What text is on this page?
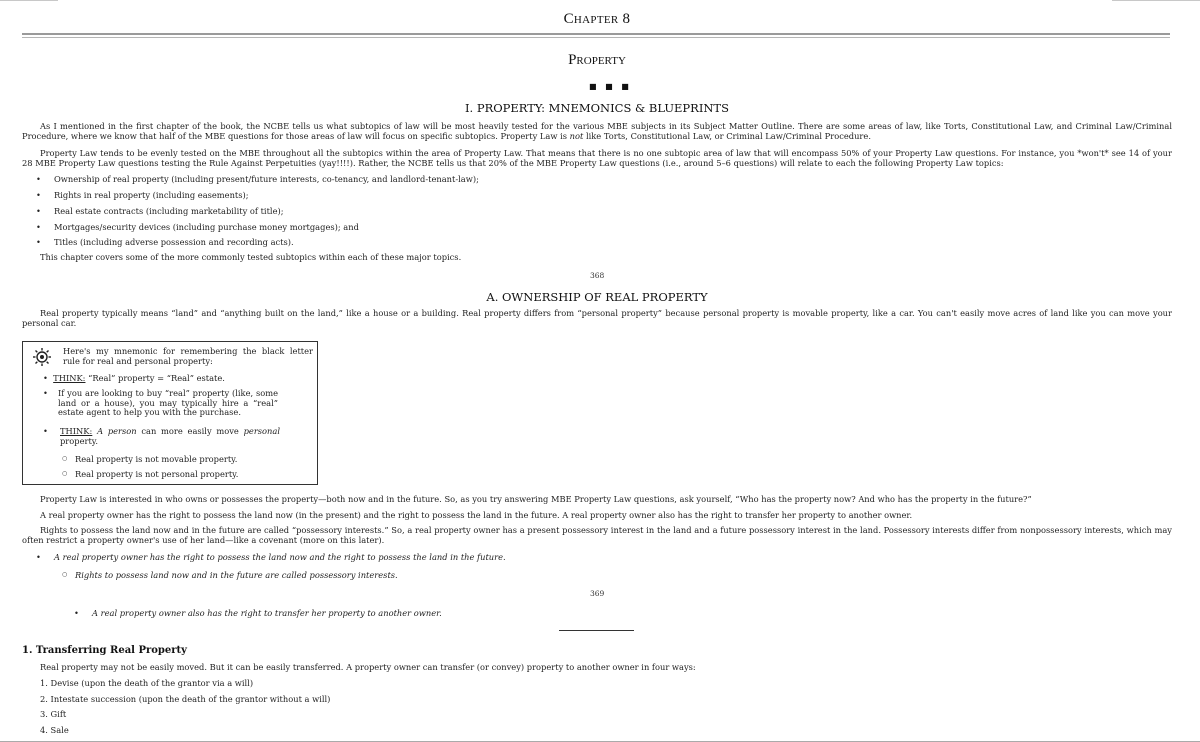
Chapter 8
Property
■ ■ ■
I. PROPERTY: MNEMONICS & BLUEPRINTS
As I mentioned in the first chapter of the book, the NCBE tells us what subtopics of law will be most heavily tested for the various MBE subjects in its Subject Matter Outline. There are some areas of law, like Torts, Constitutional Law, and Criminal Law/Criminal Procedure, where we know that half of the MBE questions for those areas of law will focus on specific subtopics. Property Law is not like Torts, Constitutional Law, or Criminal Law/Criminal Procedure.
Property Law tends to be evenly tested on the MBE throughout all the subtopics within the area of Property Law. That means that there is no one subtopic area of law that will encompass 50% of your Property Law questions. For instance, you *won't* see 14 of your 28 MBE Property Law questions testing the Rule Against Perpetuities (yay!!!!). Rather, the NCBE tells us that 20% of the MBE Property Law questions (i.e., around 5–6 questions) will relate to each the following Property Law topics:
• Ownership of real property (including present/future interests, co-tenancy, and landlord-tenant-law);
• Rights in real property (including easements);
• Real estate contracts (including marketability of title);
• Mortgages/security devices (including purchase money mortgages); and
• Titles (including adverse possession and recording acts).
This chapter covers some of the more commonly tested subtopics within each of these major topics.
368
A. OWNERSHIP OF REAL PROPERTY
Real property typically means “land” and “anything built on the land,” like a house or a building. Real property differs from “personal property” because personal property is movable property, like a car. You can't easily move acres of land like you can move your personal car.
Here's my mnemonic for remembering the black letter rule for real and personal property:
•  THINK: “Real” property = “Real” estate.
• If you are looking to buy “real” property (like, some land or a house), you may typically hire a “real” estate agent to help you with the purchase.
• THINK: A person can more easily move personal property.
○ Real property is not movable property.
○ Real property is not personal property.
Property Law is interested in who owns or possesses the property—both now and in the future. So, as you try answering MBE Property Law questions, ask yourself, “Who has the property now? And who has the property in the future?”
A real property owner has the right to possess the land now (in the present) and the right to possess the land in the future. A real property owner also has the right to transfer her property to another owner.
Rights to possess the land now and in the future are called “possessory interests.” So, a real property owner has a present possessory interest in the land and a future possessory interest in the land. Possessory interests differ from nonpossessory interests, which may often restrict a property owner's use of her land—like a covenant (more on this later).
• A real property owner has the right to possess the land now and the right to possess the land in the future.
○ Rights to possess land now and in the future are called possessory interests.
369
• A real property owner also has the right to transfer her property to another owner.
1. Transferring Real Property
Real property may not be easily moved. But it can be easily transferred. A property owner can transfer (or convey) property to another owner in four ways:
1. Devise (upon the death of the grantor via a will)
2. Intestate succession (upon the death of the grantor without a will)
3. Gift
4. Sale
